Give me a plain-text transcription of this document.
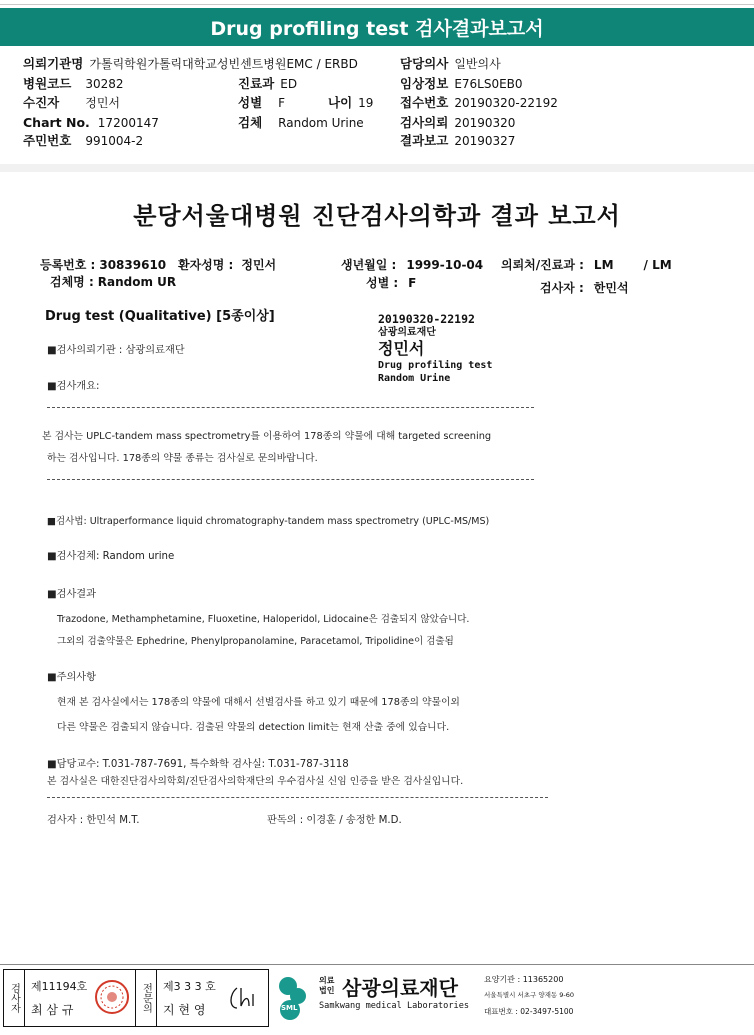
Drug profiling test 검사결과보고서
의뢰기관명 가톨릭학원가톨릭대학교성빈센트병원EMC / ERBD	담당의사 일반의사
병원코드 30282	진료과 ED	임상정보 E76LS0EB0
수진자 정민서	성별 F	나이 19 접수번호 20190320-22192
Chart No. 17200147	검체 Random Urine	검사의뢰 20190320
주민번호 991004-2	결과보고 20190327
분당서울대병원 진단검사의학과 결과 보고서
등록번호 : 30839610 환자성명 : 정민서	생년월일 : 1999-10-04 의뢰처/진료과 : LM	/ LM
검체명 : Random UR	성별 : F	검사자 : 한민석
Drug test (Qualitative) [5종이상]	20190320-22192
삼광의료재단
정민서
Drug profiling test
Random Urine
■검사의뢰기관 : 삼광의료재단
■검사개요:
본 검사는 UPLC-tandem mass spectrometry를 이용하여 178종의 약물에 대해 targeted screening
하는 검사입니다. 178종의 약물 종류는 검사실로 문의바랍니다.
■검사법: Ultraperformance liquid chromatography-tandem mass spectrometry (UPLC-MS/MS)
■검사검체: Random urine
■검사결과
Trazodone, Methamphetamine, Fluoxetine, Haloperidol, Lidocaine은 검출되지 않았습니다.
그외의 검출약물은 Ephedrine, Phenylpropanolamine, Paracetamol, Tripolidine이 검출됨
■주의사항
현재 본 검사실에서는 178종의 약물에 대해서 선별검사를 하고 있기 때문에 178종의 약물이외
다른 약물은 검출되지 않습니다. 검출된 약물의 detection limit는 현재 산출 중에 있습니다.
■담당교수: T.031-787-7691, 특수화학 검사실: T.031-787-3118
본 검사실은 대한진단검사의학회/진단검사의학재단의 우수검사실 신임 인증을 받은 검사실입니다.
검사자 : 한민석 M.T.	판독의 : 이경훈 / 송정한 M.D.
검사자 제11194호
최 삼 규	전문의 제3 3 3 호
지 현 영	SML
의료
법인 삼광의료재단
Samkwang medical Laboratories
요양기관 : 11365200
서울특별시 서초구 양재동 9-60
대표번호 : 02-3497-5100
